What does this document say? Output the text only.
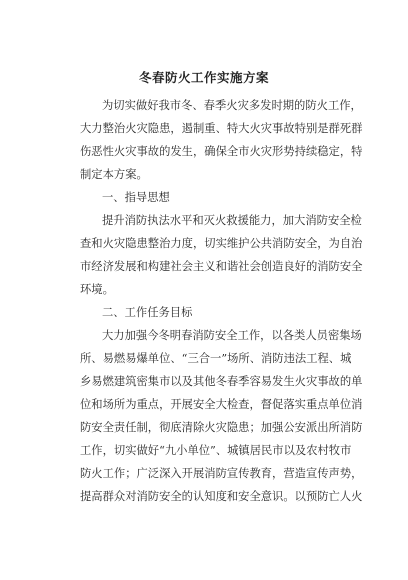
冬春防火工作实施方案
为切实做好我市冬、春季火灾多发时期的防火工作，
大力整治火灾隐患，遏制重、特大火灾事故特别是群死群
伤恶性火灾事故的发生，确保全市火灾形势持续稳定，特
制定本方案。
一、指导思想
提升消防执法水平和灭火救援能力，加大消防安全检
查和火灾隐患整治力度，切实维护公共消防安全，为自治
市经济发展和构建社会主义和谐社会创造良好的消防安全
环境。
二、工作任务目标
大力加强今冬明春消防安全工作，以各类人员密集场
所、易燃易爆单位、“三合一”场所、消防违法工程、城
乡易燃建筑密集市以及其他冬春季容易发生火灾事故的单
位和场所为重点，开展安全大检查，督促落实重点单位消
防安全责任制，彻底清除火灾隐患；加强公安派出所消防
工作，切实做好“九小单位”、城镇居民市以及农村牧市
防火工作；广泛深入开展消防宣传教育，营造宣传声势，
提高群众对消防安全的认知度和安全意识。以预防亡人火
